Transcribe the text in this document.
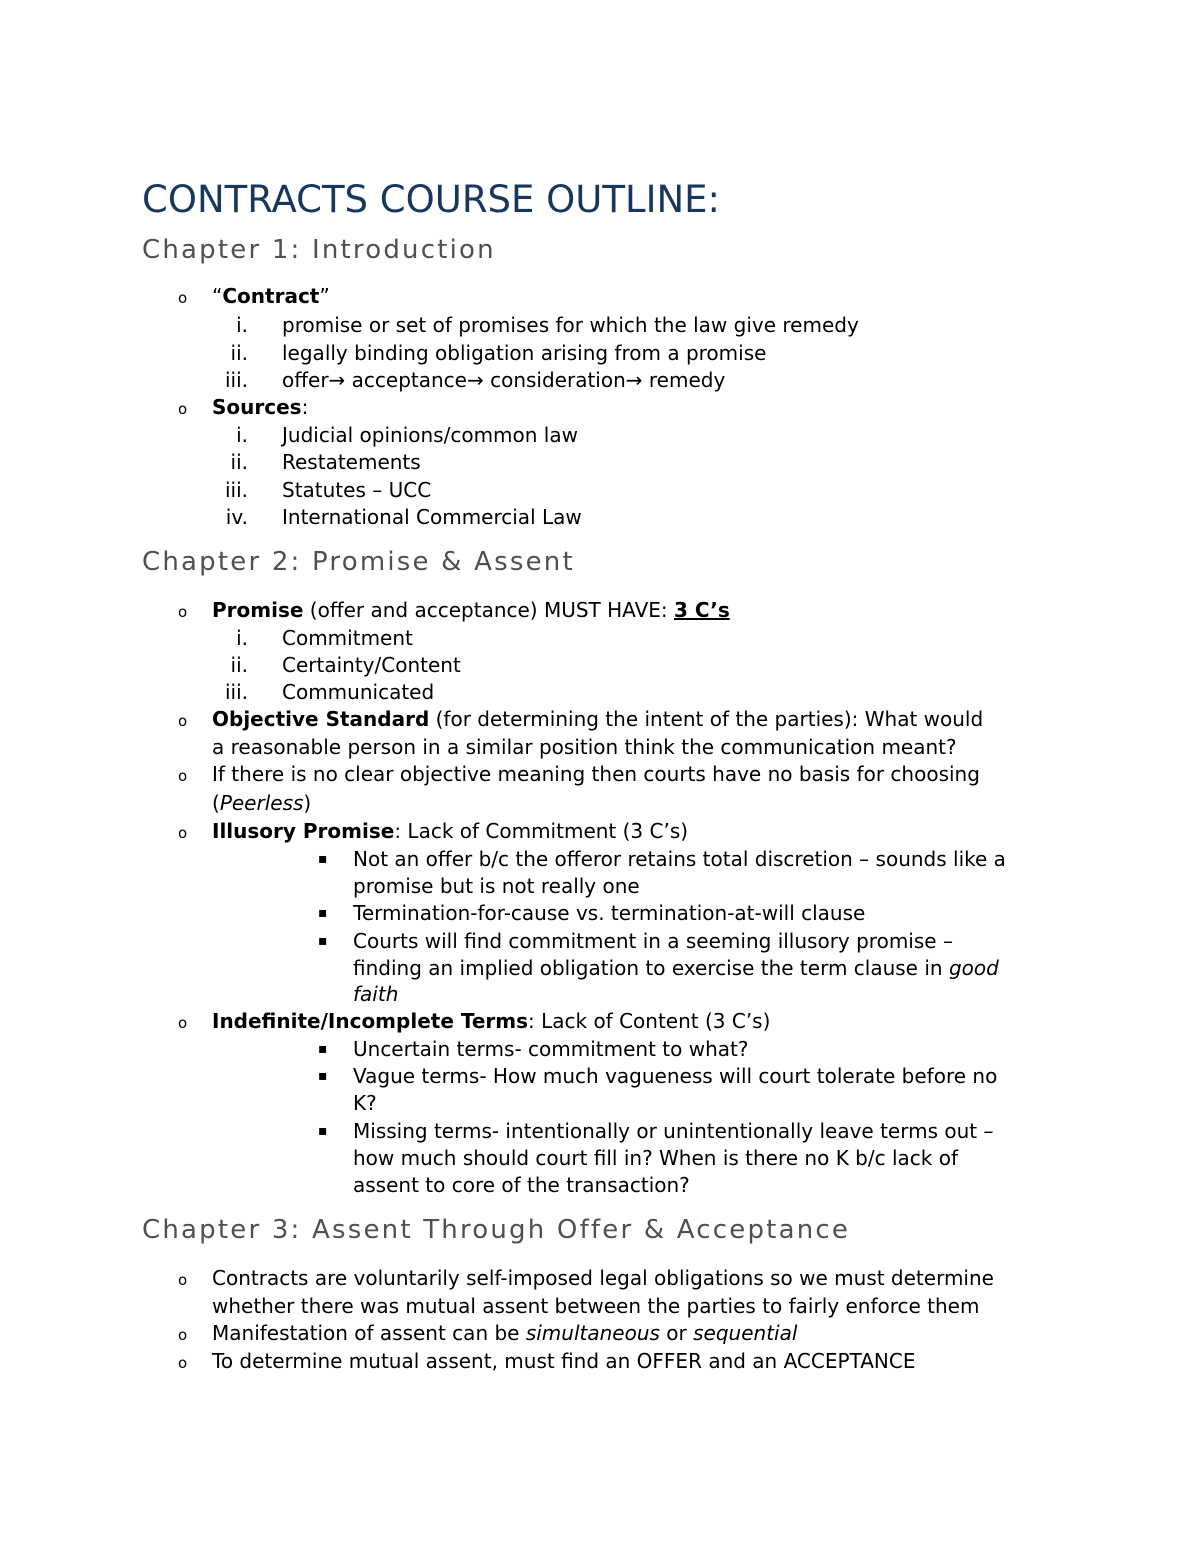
CONTRACTS COURSE OUTLINE:
Chapter 1: Introduction
o “Contract”
i. promise or set of promises for which the law give remedy
ii. legally binding obligation arising from a promise
iii. offer→ acceptance→ consideration→ remedy
o Sources:
i. Judicial opinions/common law
ii. Restatements
iii. Statutes – UCC
iv. International Commercial Law
Chapter 2: Promise & Assent
o Promise (offer and acceptance) MUST HAVE: 3 C’s
i. Commitment
ii. Certainty/Content
iii. Communicated
o Objective Standard (for determining the intent of the parties): What would
a reasonable person in a similar position think the communication meant?
o If there is no clear objective meaning then courts have no basis for choosing
(Peerless)
o Illusory Promise: Lack of Commitment (3 C’s)
▪ Not an offer b/c the offeror retains total discretion – sounds like a
promise but is not really one
▪ Termination-for-cause vs. termination-at-will clause
▪ Courts will find commitment in a seeming illusory promise –
finding an implied obligation to exercise the term clause in good
faith
o Indefinite/Incomplete Terms: Lack of Content (3 C’s)
▪ Uncertain terms- commitment to what?
▪ Vague terms- How much vagueness will court tolerate before no
K?
▪ Missing terms- intentionally or unintentionally leave terms out –
how much should court fill in? When is there no K b/c lack of
assent to core of the transaction?
Chapter 3: Assent Through Offer & Acceptance
o Contracts are voluntarily self-imposed legal obligations so we must determine
whether there was mutual assent between the parties to fairly enforce them
o Manifestation of assent can be simultaneous or sequential
o To determine mutual assent, must find an OFFER and an ACCEPTANCE
